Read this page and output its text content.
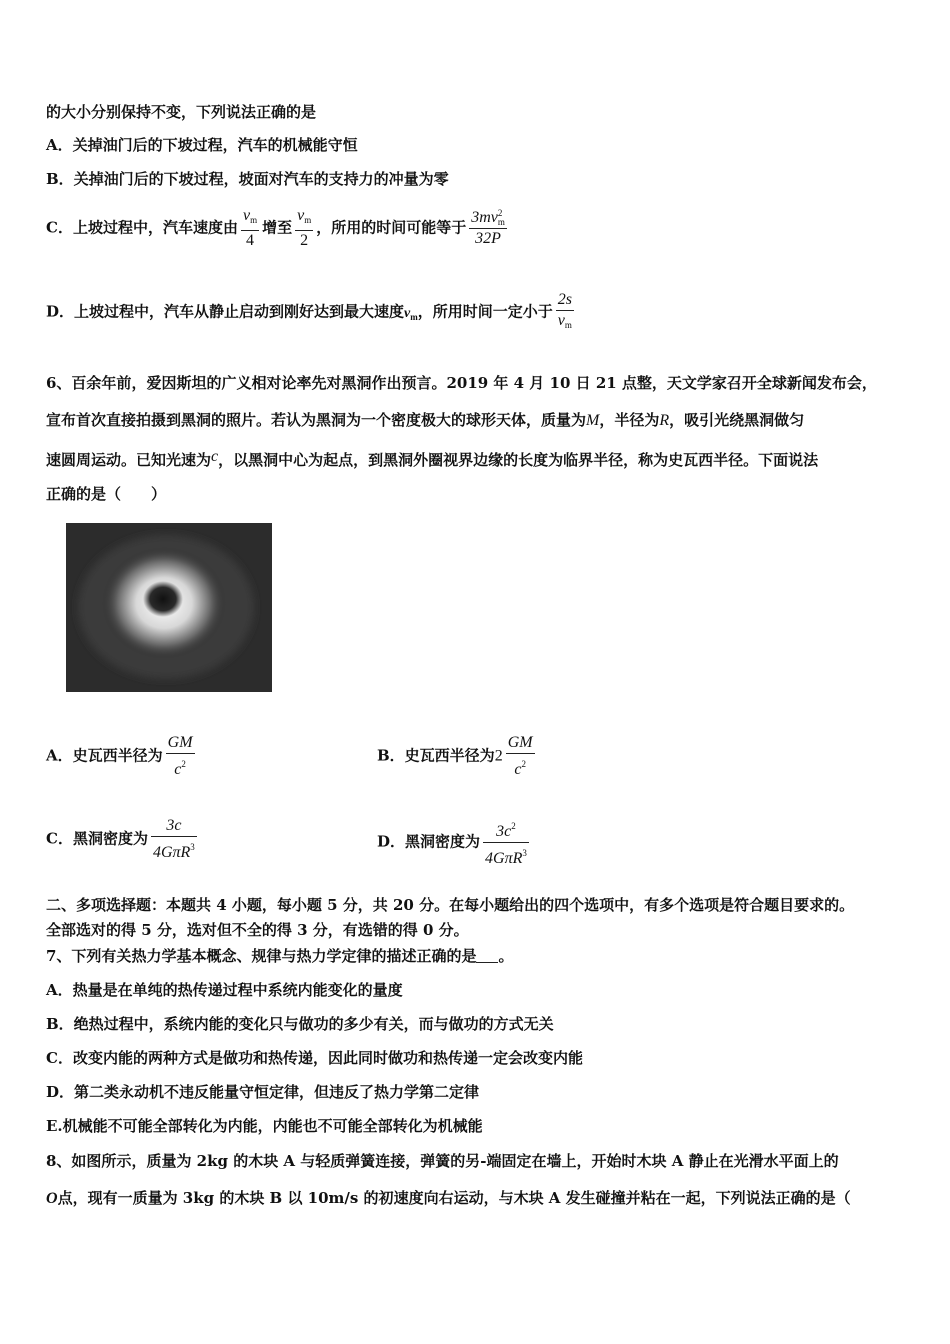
的大小分别保持不变，下列说法正确的是
A．关掉油门后的下坡过程，汽车的机械能守恒
B．关掉油门后的下坡过程，坡面对汽车的支持力的冲量为零
C．上坡过程中，汽车速度由 $\frac{v_m}{4}$ 增至 $\frac{v_m}{2}$ ，所用的时间可能等于 3mv 2
m
32P
D．上坡过程中，汽车从静止启动到刚好达到最大速度$v_m$，所用时间一定小于 $\frac{2s}{v_m}$
6、百余年前，爱因斯坦的广义相对论率先对黑洞作出预言。2019 年 4 月 10 日 21 点整，天文学家召开全球新闻发布会，
宣布首次直接拍摄到黑洞的照片。若认为黑洞为一个密度极大的球形天体，质量为M，半径为R，吸引光绕黑洞做匀
速圆周运动。已知光速为c，以黑洞中心为起点，到黑洞外圈视界边缘的长度为临界半径，称为史瓦西半径。下面说法
正确的是（　　）
A．史瓦西半径为 $\frac{GM}{c^2}$	B．史瓦西半径为$2 \frac{GM}{c^2}$
C．黑洞密度为 $\frac{3c}{4G\pi R^3}$	D．黑洞密度为 $\frac{3c^2}{4G\pi R^3}$
二、多项选择题：本题共 4 小题，每小题 5 分，共 20 分。在每小题给出的四个选项中，有多个选项是符合题目要求的。
全部选对的得 5 分，选对但不全的得 3 分，有选错的得 0 分。
7、下列有关热力学基本概念、规律与热力学定律的描述正确的是 。
A．热量是在单纯的热传递过程中系统内能变化的量度
B．绝热过程中，系统内能的变化只与做功的多少有关，而与做功的方式无关
C．改变内能的两种方式是做功和热传递，因此同时做功和热传递一定会改变内能
D．第二类永动机不违反能量守恒定律，但违反了热力学第二定律
E.机械能不可能全部转化为内能，内能也不可能全部转化为机械能
8、如图所示，质量为 2kg 的木块 A 与轻质弹簧连接，弹簧的另-端固定在墙上，开始时木块 A 静止在光滑水平面上的
O点，现有一质量为 3kg 的木块 B 以 10m/s 的初速度向右运动，与木块 A 发生碰撞并粘在一起，下列说法正确的是（
